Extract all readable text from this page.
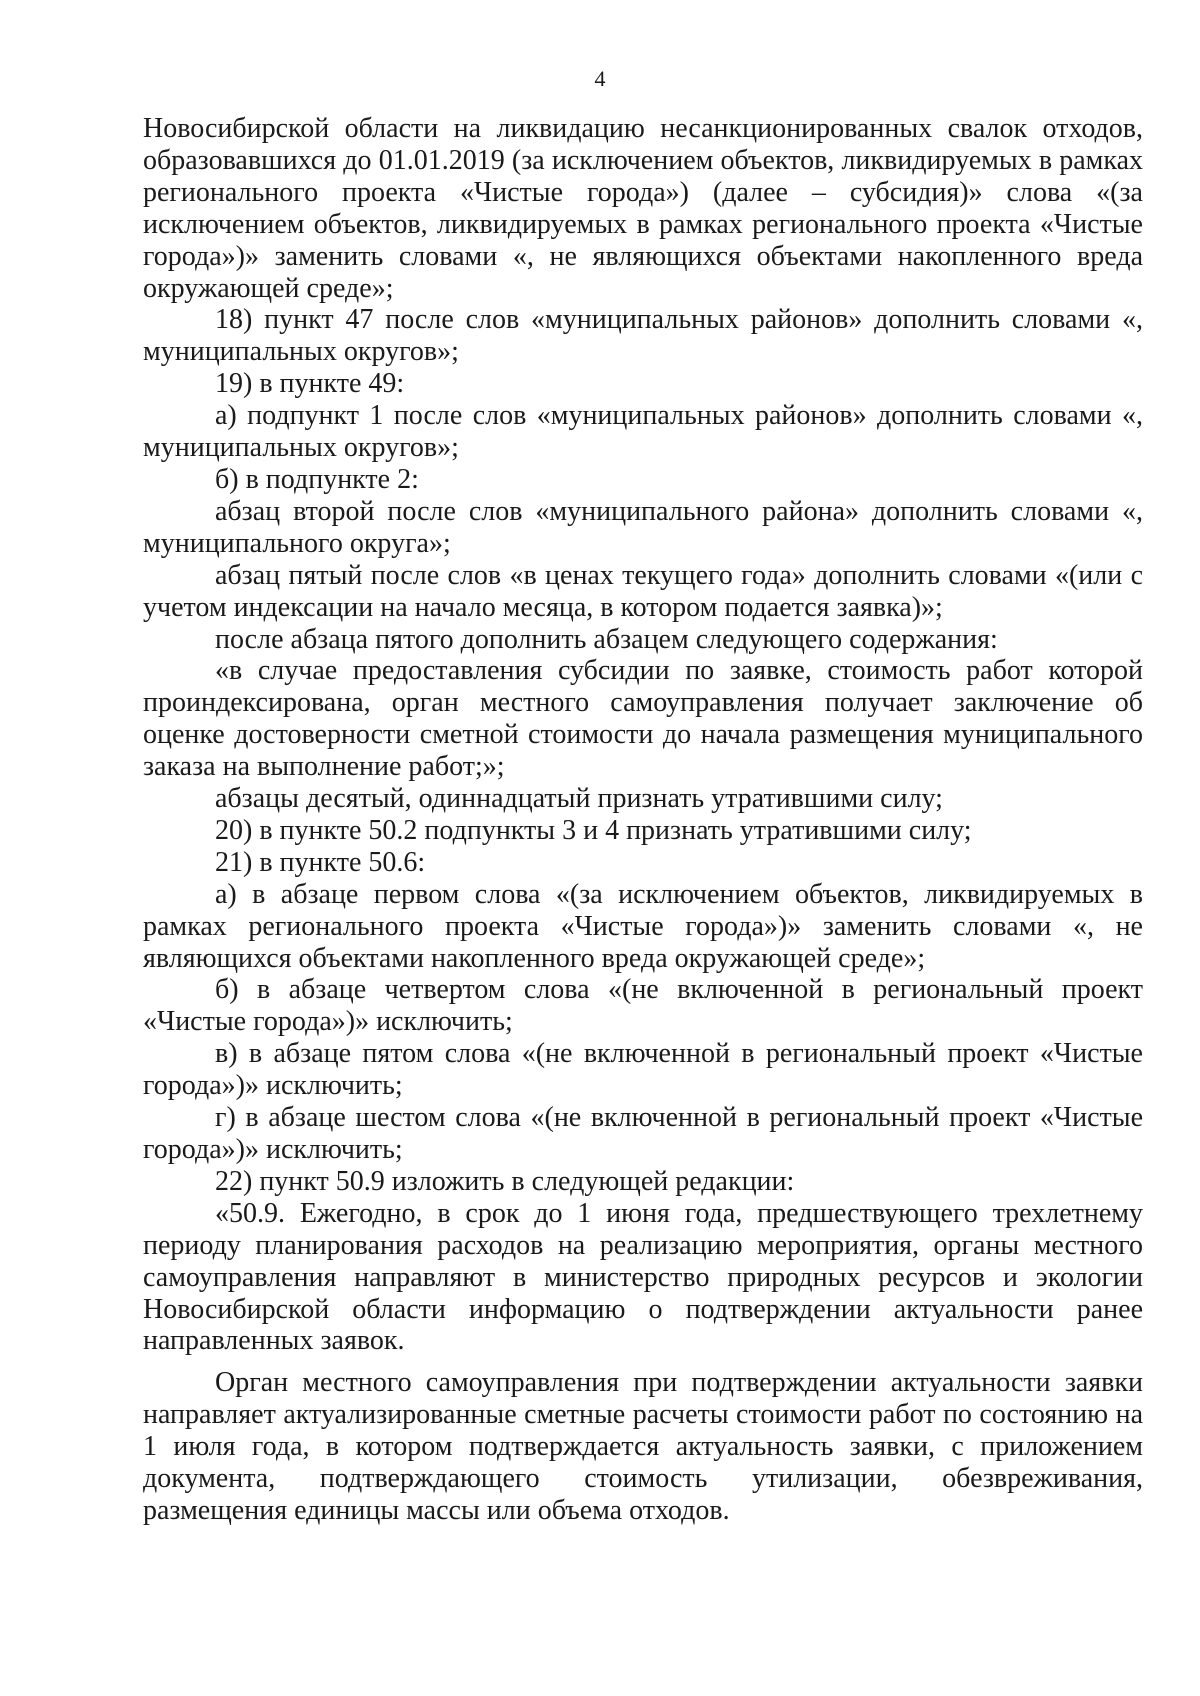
4

Новосибирской области на ликвидацию несанкционированных свалок отходов, образовавшихся до 01.01.2019 (за исключением объектов, ликвидируемых в рамках регионального проекта «Чистые города») (далее – субсидия)» слова «(за исключением объектов, ликвидируемых в рамках регионального проекта «Чистые города»)» заменить словами «, не являющихся объектами накопленного вреда окружающей среде»;

18) пункт 47 после слов «муниципальных районов» дополнить словами «, муниципальных округов»;

19) в пункте 49:

а) подпункт 1 после слов «муниципальных районов» дополнить словами «, муниципальных округов»;

б) в подпункте 2:

абзац второй после слов «муниципального района» дополнить словами «, муниципального округа»;

абзац пятый после слов «в ценах текущего года» дополнить словами «(или с учетом индексации на начало месяца, в котором подается заявка)»;

после абзаца пятого дополнить абзацем следующего содержания:

«в случае предоставления субсидии по заявке, стоимость работ которой проиндексирована, орган местного самоуправления получает заключение об оценке достоверности сметной стоимости до начала размещения муниципального заказа на выполнение работ;»;

абзацы десятый, одиннадцатый признать утратившими силу;

20) в пункте 50.2 подпункты 3 и 4 признать утратившими силу;

21) в пункте 50.6:

а) в абзаце первом слова «(за исключением объектов, ликвидируемых в рамках регионального проекта «Чистые города»)» заменить словами «, не являющихся объектами накопленного вреда окружающей среде»;

б) в абзаце четвертом слова «(не включенной в региональный проект «Чистые города»)» исключить;

в) в абзаце пятом слова «(не включенной в региональный проект «Чистые города»)» исключить;

г) в абзаце шестом слова «(не включенной в региональный проект «Чистые города»)» исключить;

22) пункт 50.9 изложить в следующей редакции:

«50.9. Ежегодно, в срок до 1 июня года, предшествующего трехлетнему периоду планирования расходов на реализацию мероприятия, органы местного самоуправления направляют в министерство природных ресурсов и экологии Новосибирской области информацию о подтверждении актуальности ранее направленных заявок.

Орган местного самоуправления при подтверждении актуальности заявки направляет актуализированные сметные расчеты стоимости работ по состоянию на 1 июля года, в котором подтверждается актуальность заявки, с приложением документа, подтверждающего стоимость утилизации, обезвреживания, размещения единицы массы или объема отходов.
